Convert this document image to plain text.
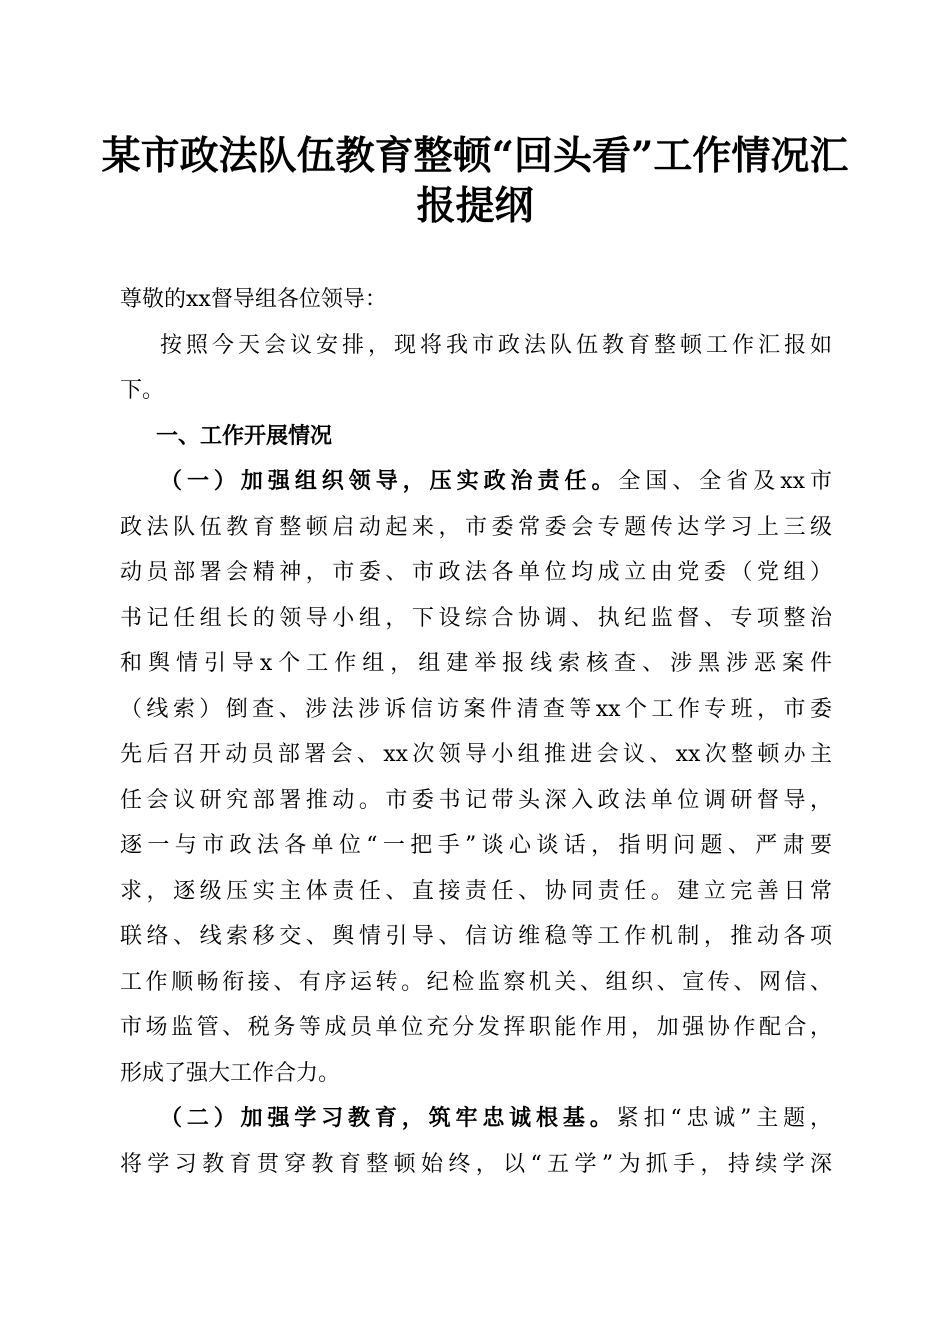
某市政法队伍教育整顿“回头看”工作情况汇
报提纲
尊敬的xx督导组各位领导：
按照今天会议安排，现将我市政法队伍教育整顿工作汇报如
下。
一、工作开展情况
（一）加强组织领导，压实政治责任。全国、全省及xx市
政法队伍教育整顿启动起来，市委常委会专题传达学习上三级
动员部署会精神，市委、市政法各单位均成立由党委（党组）
书记任组长的领导小组，下设综合协调、执纪监督、专项整治
和舆情引导x个工作组，组建举报线索核查、涉黑涉恶案件
（线索）倒查、涉法涉诉信访案件清查等xx个工作专班，市委
先后召开动员部署会、xx次领导小组推进会议、xx次整顿办主
任会议研究部署推动。市委书记带头深入政法单位调研督导，
逐一与市政法各单位“一把手”谈心谈话，指明问题、严肃要
求，逐级压实主体责任、直接责任、协同责任。建立完善日常
联络、线索移交、舆情引导、信访维稳等工作机制，推动各项
工作顺畅衔接、有序运转。纪检监察机关、组织、宣传、网信、
市场监管、税务等成员单位充分发挥职能作用，加强协作配合，
形成了强大工作合力。
（二）加强学习教育，筑牢忠诚根基。紧扣“忠诚”主题，
将学习教育贯穿教育整顿始终，以“五学”为抓手，持续学深
